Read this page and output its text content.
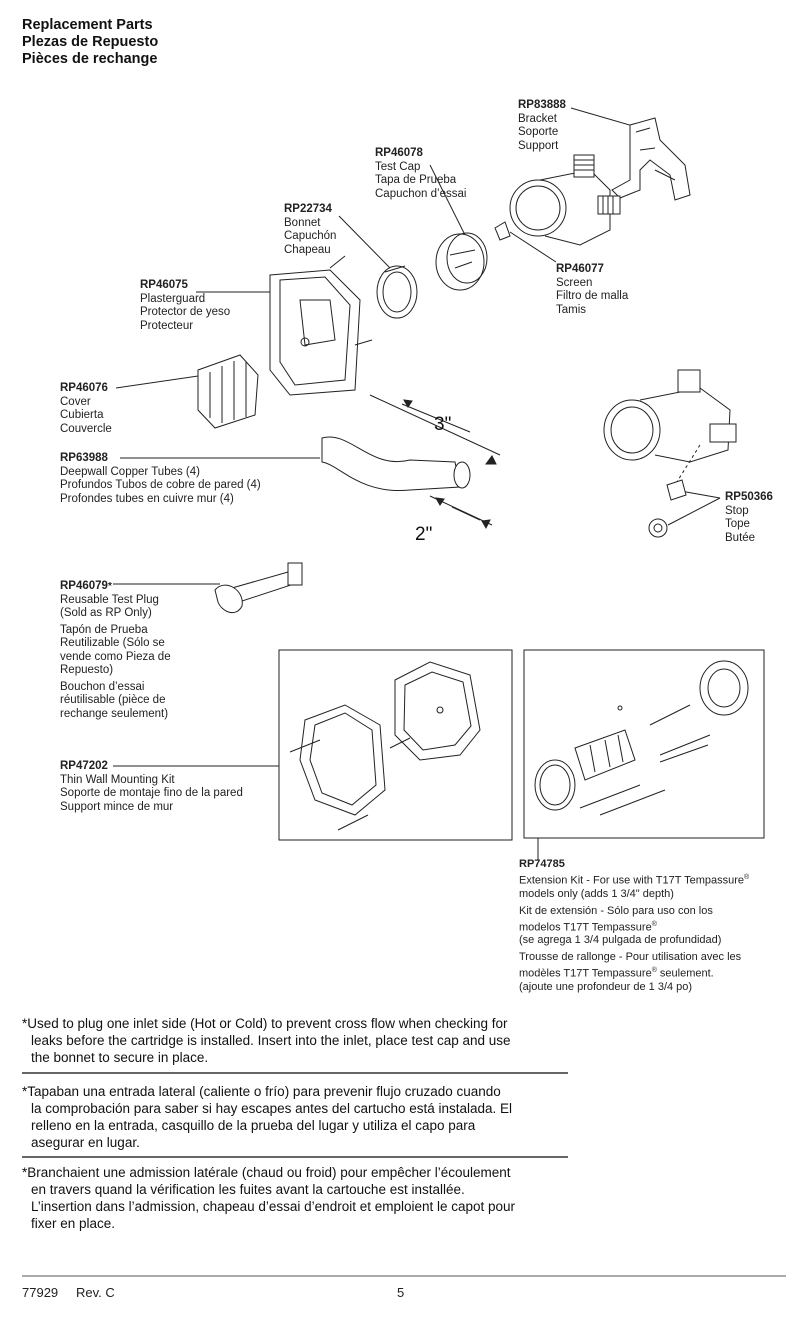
Replacement Parts
Plezas de Repuesto
Pièces de rechange
3"
2"
RP83888
Bracket
Soporte
Support
RP46078
Test Cap
Tapa de Prueba
Capuchon d’essai
RP22734
Bonnet
Capuchón
Chapeau
RP46075
Plasterguard
Protector de yeso
Protecteur
RP46077
Screen
Filtro de malla
Tamis
RP46076
Cover
Cubierta
Couvercle
RP63988
Deepwall Copper Tubes (4)
Profundos Tubos de cobre de pared (4)
Profondes tubes en cuivre mur (4)	RP50366
Stop
Tope
Butée
RP46079*
Reusable Test Plug
(Sold as RP Only)
Tapón de Prueba
Reutilizable (Sólo se
vende como Pieza de
Repuesto)
Bouchon d’essai
réutilisable (pièce de
rechange seulement)
RP47202
Thin Wall Mounting Kit
Soporte de montaje fino de la pared
Support mince de mur
RP74785
Extension Kit - For use with T17T Tempassure®
models only (adds 1 3/4" depth)
Kit de extensión - Sólo para uso con los
modelos T17T Tempassure®
(se agrega 1 3/4 pulgada de profundidad)
Trousse de rallonge - Pour utilisation avec les
modèles T17T Tempassure® seulement.
(ajoute une profondeur de 1 3/4 po)
*Used to plug one inlet side (Hot or Cold) to prevent cross flow when checking for
leaks before the cartridge is installed. Insert into the inlet, place test cap and use
the bonnet to secure in place.
*Tapaban una entrada lateral (caliente o frío) para prevenir flujo cruzado cuando
la comprobación para saber si hay escapes antes del cartucho está instalada. El
relleno en la entrada, casquillo de la prueba del lugar y utiliza el capo para
asegurar en lugar.
*Branchaient une admission latérale (chaud ou froid) pour empêcher l’écoulement
en travers quand la vérification les fuites avant la cartouche est installée.
L’insertion dans l’admission, chapeau d’essai d’endroit et emploient le capot pour
fixer en place.
77929 Rev. C	5
